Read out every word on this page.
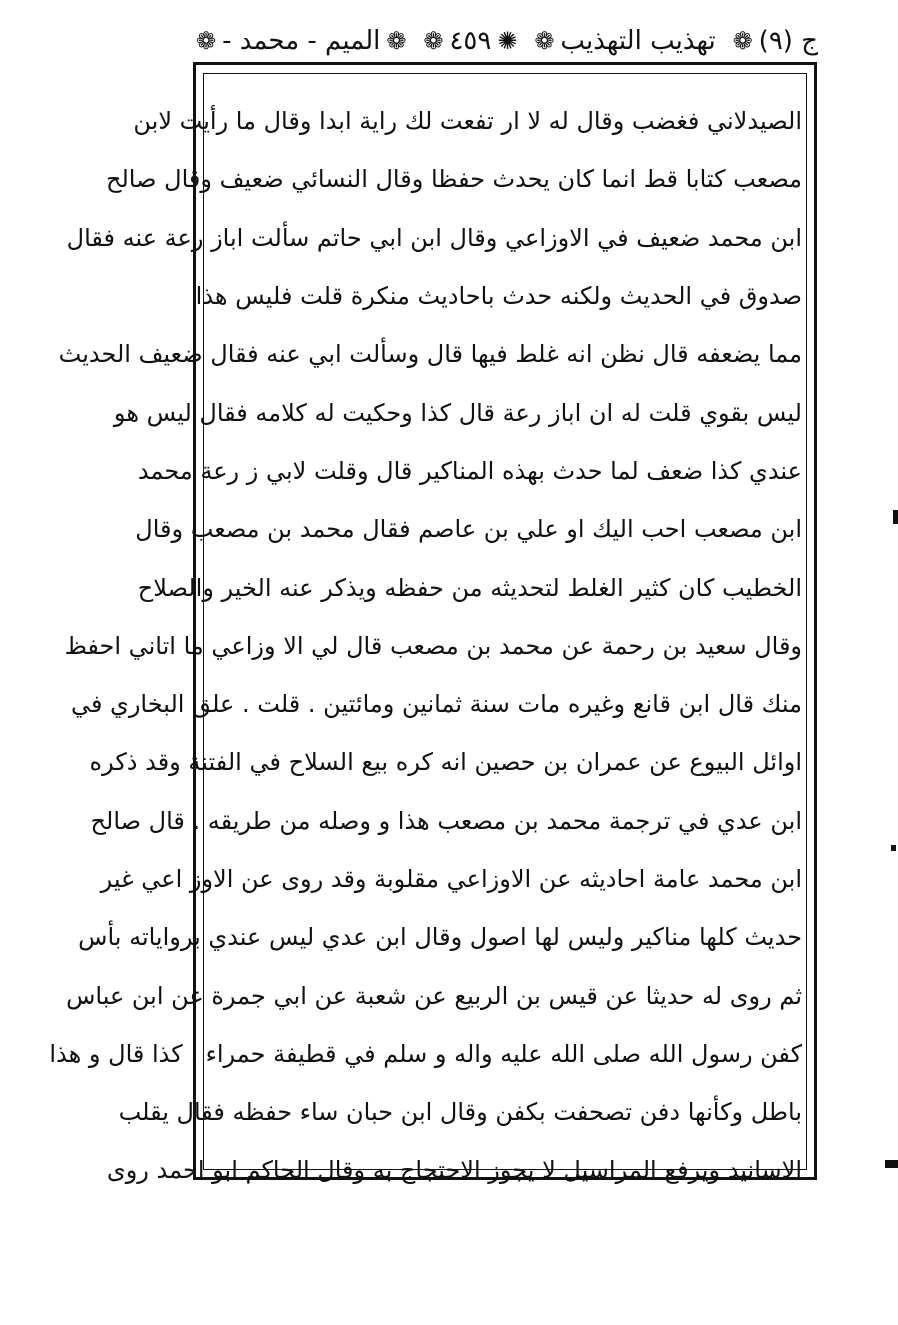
ج (٩)
❁
تهذيب التهذيب
❁
✺
٤٥٩
❁
❁
الميم - محمد -
❁
الصيدلاني فغضب وقال له لا ار تفعت لك راية ابدا وقال ما رأيت لابن
مصعب كتابا قط انما كان يحدث حفظا وقال النسائي ضعيف وقال صالح
ابن محمد ضعيف في الاوزاعي وقال ابن ابي حاتم سألت اباز رعة عنه فقال
صدوق في الحديث ولكنه حدث باحاديث منكرة قلت فليس هذا
مما يضعفه قال نظن انه غلط فيها قال وسألت ابي عنه فقال ضعيف الحديث
ليس بقوي قلت له ان اباز رعة قال كذا وحكيت له كلامه فقال ليس هو
عندي كذا ضعف لما حدث بهذه المناكير قال وقلت لابي ز رعة محمد
ابن مصعب احب اليك او علي بن عاصم فقال محمد بن مصعب وقال
الخطيب كان كثير الغلط لتحديثه من حفظه ويذكر عنه الخير والصلاح
وقال سعيد بن رحمة عن محمد بن مصعب قال لي الا وزاعي ما اتاني احفظ
منك قال ابن قانع وغيره مات سنة ثمانين ومائتين . قلت . علق البخاري في
اوائل البيوع عن عمران بن حصين انه كره بيع السلاح في الفتنة وقد ذكره
ابن عدي في ترجمة محمد بن مصعب هذا و وصله من طريقه . قال صالح
ابن محمد عامة احاديثه عن الاوزاعي مقلوبة وقد روى عن الاوز اعي غير
حديث كلها مناكير وليس لها اصول وقال ابن عدي ليس عندي برواياته بأس
ثم روى له حديثا عن قيس بن الربيع عن شعبة عن ابي جمرة عن ابن عباس
كفن رسول الله صلى الله عليه واله و سلم في قطيفة حمراء . كذا قال و هذا
باطل وكأنها دفن تصحفت بكفن وقال ابن حبان ساء حفظه فقال يقلب
الاسانيد ويرفع المراسيل لا يجوز الاحتجاج به وقال الحاكم ابو احمد روى
